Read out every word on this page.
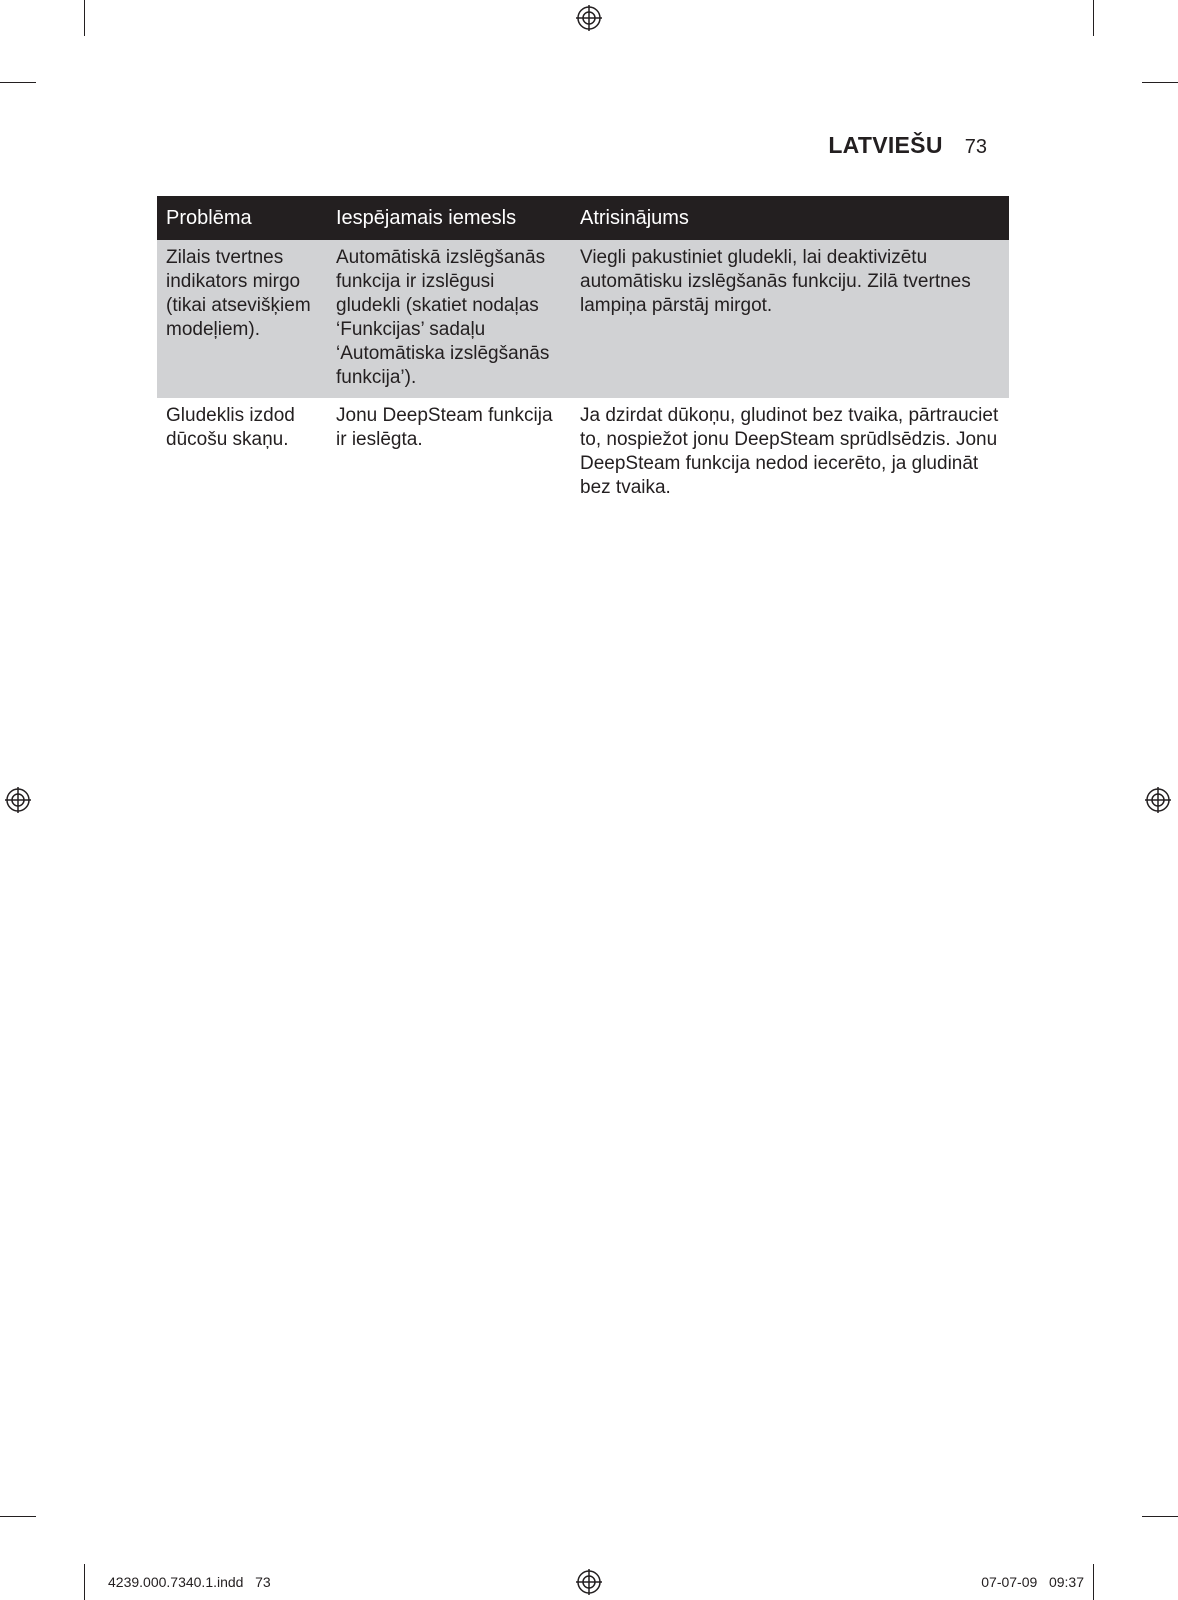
LATVIEŠU 73
Problēma	Iespējamais iemesls	Atrisinājums
Zilais tvertnes indikators mirgo (tikai atsevišķiem modeļiem).	Automātiskā izslēgšanās funkcija ir izslēgusi gludekli (skatiet nodaļas ‘Funkcijas’ sadaļu ‘Automātiska izslēgšanās funkcija’).	Viegli pakustiniet gludekli, lai deaktivizētu automātisku izslēgšanās funkciju. Zilā tvertnes lampiņa pārstāj mirgot.
Gludeklis izdod dūcošu skaņu.	Jonu DeepSteam funkcija ir ieslēgta.	Ja dzirdat dūkoņu, gludinot bez tvaika, pārtrauciet to, nospiežot jonu DeepSteam sprūdlsēdzis. Jonu DeepSteam funkcija nedod iecerēto, ja gludināt bez tvaika.
4239.000.7340.1.indd   73	07-07-09   09:37
